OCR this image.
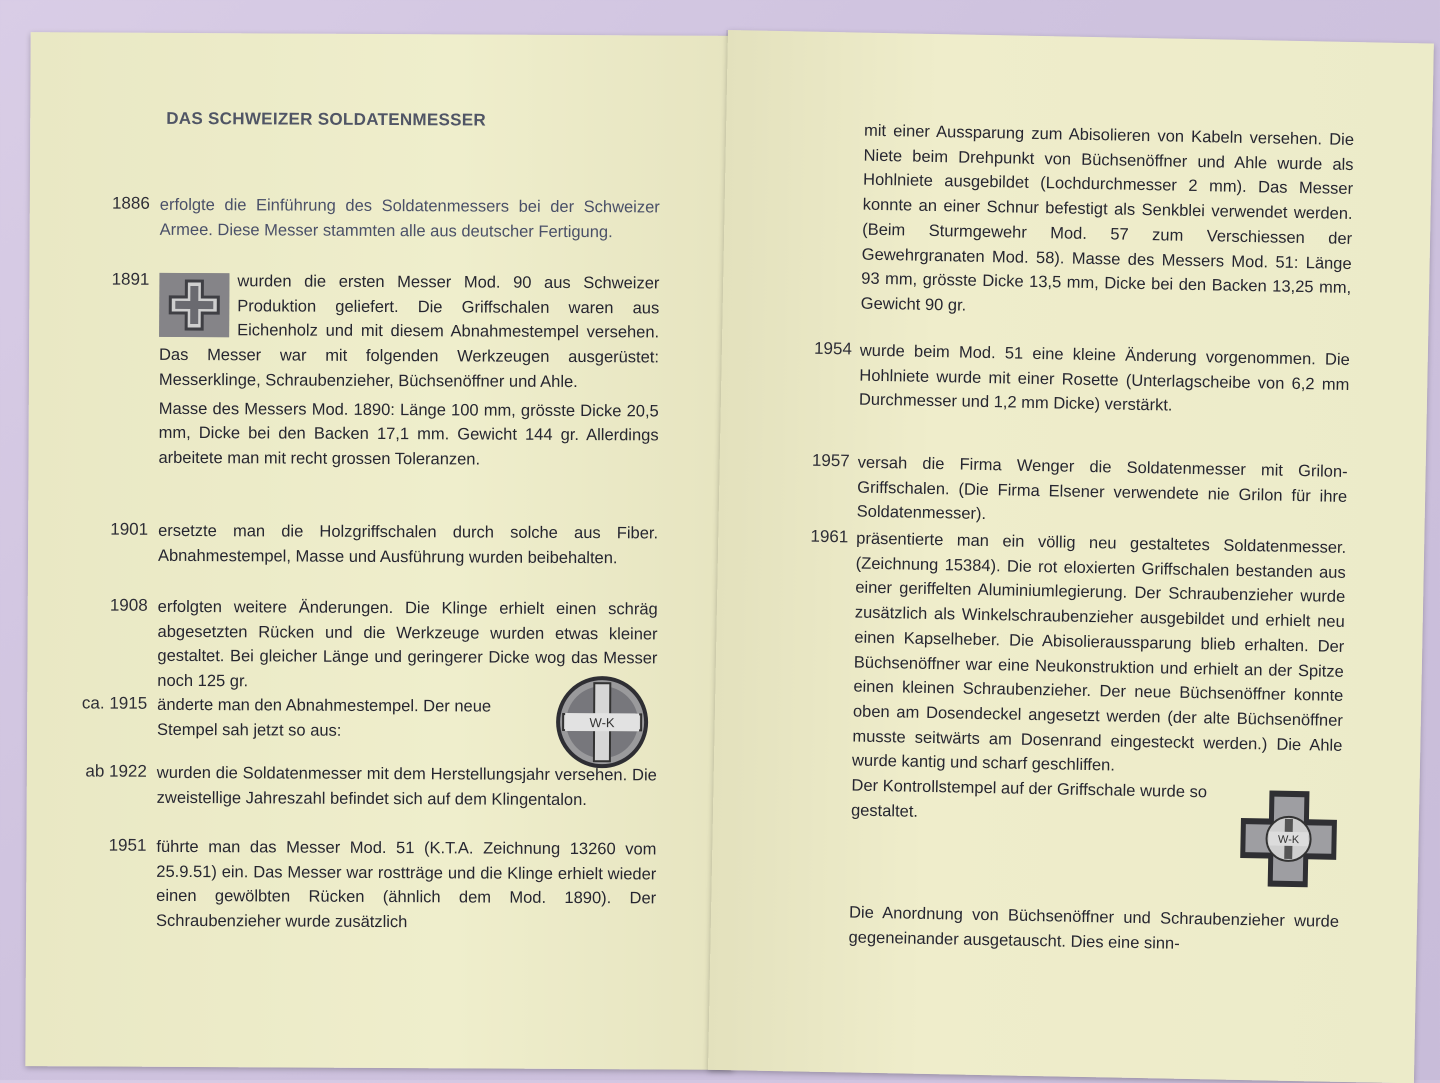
DAS SCHWEIZER SOLDATENMESSER
1886 erfolgte die Einführung des Soldatenmessers bei der Schweizer Armee. Diese Messer stammten alle aus deutscher Fertigung.

1891	wurden die ersten Messer Mod. 90 aus Schweizer Produktion geliefert. Die Griffschalen waren aus Eichenholz und mit diesem Abnahmestempel versehen. Das Messer war mit folgenden Werkzeugen ausgerüstet: Messerklinge, Schraubenzieher, Büchsenöffner und Ahle.

Masse des Messers Mod. 1890: Länge 100 mm, grösste Dicke 20,5 mm, Dicke bei den Backen 17,1 mm. Gewicht 144 gr. Allerdings arbeitete man mit recht grossen Toleranzen.

1901 ersetzte man die Holzgriffschalen durch solche aus Fiber. Abnahmestempel, Masse und Ausführung wurden beibehalten.

1908 erfolgten weitere Änderungen. Die Klinge erhielt einen schräg abgesetzten Rücken und die Werkzeuge wurden etwas kleiner gestaltet. Bei gleicher Länge und geringerer Dicke wog das Messer noch 125 gr.

ca. 1915 änderte man den Abnahmestempel. Der neue Stempel sah jetzt so aus:	W-K
ab 1922 wurden die Soldatenmesser mit dem Herstellungsjahr versehen. Die zweistellige Jahreszahl befindet sich auf dem Klingentalon.

1951 führte man das Messer Mod. 51 (K.T.A. Zeichnung 13260 vom 25.9.51) ein. Das Messer war rostträge und die Klinge erhielt wieder einen gewölbten Rücken (ähnlich dem Mod. 1890). Der Schraubenzieher wurde zusätzlich

mit einer Aussparung zum Abisolieren von Kabeln versehen. Die Niete beim Drehpunkt von Büchsenöffner und Ahle wurde als Hohlniete ausgebildet (Lochdurchmesser 2 mm). Das Messer konnte an einer Schnur befestigt als Senkblei verwendet werden. (Beim Sturmgewehr Mod. 57 zum Verschiessen der Gewehrgranaten Mod. 58). Masse des Messers Mod. 51: Länge 93 mm, grösste Dicke 13,5 mm, Dicke bei den Backen 13,25 mm, Gewicht 90 gr.

1954 wurde beim Mod. 51 eine kleine Änderung vorgenommen. Die Hohlniete wurde mit einer Rosette (Unterlagscheibe von 6,2 mm Durchmesser und 1,2 mm Dicke) verstärkt.

1957 versah die Firma Wenger die Soldatenmesser mit Grilon-Griffschalen. (Die Firma Elsener verwendete nie Grilon für ihre Soldatenmesser).

1961 präsentierte man ein völlig neu gestaltetes Soldatenmesser. (Zeichnung 15384). Die rot eloxierten Griffschalen bestanden aus einer geriffelten Aluminiumlegierung. Der Schraubenzieher wurde zusätzlich als Winkelschraubenzieher ausgebildet und erhielt neu einen Kapselheber. Die Abisolieraussparung blieb erhalten. Der Büchsenöffner war eine Neukonstruktion und erhielt an der Spitze einen kleinen Schraubenzieher. Der neue Büchsenöffner konnte oben am Dosendeckel angesetzt werden (der alte Büchsenöffner musste seitwärts am Dosenrand eingesteckt werden.) Die Ahle wurde kantig und scharf geschliffen.

Der Kontrollstempel auf der Griffschale wurde so gestaltet.

W-K

Die Anordnung von Büchsenöffner und Schraubenzieher wurde gegeneinander ausgetauscht. Dies eine sinn-
